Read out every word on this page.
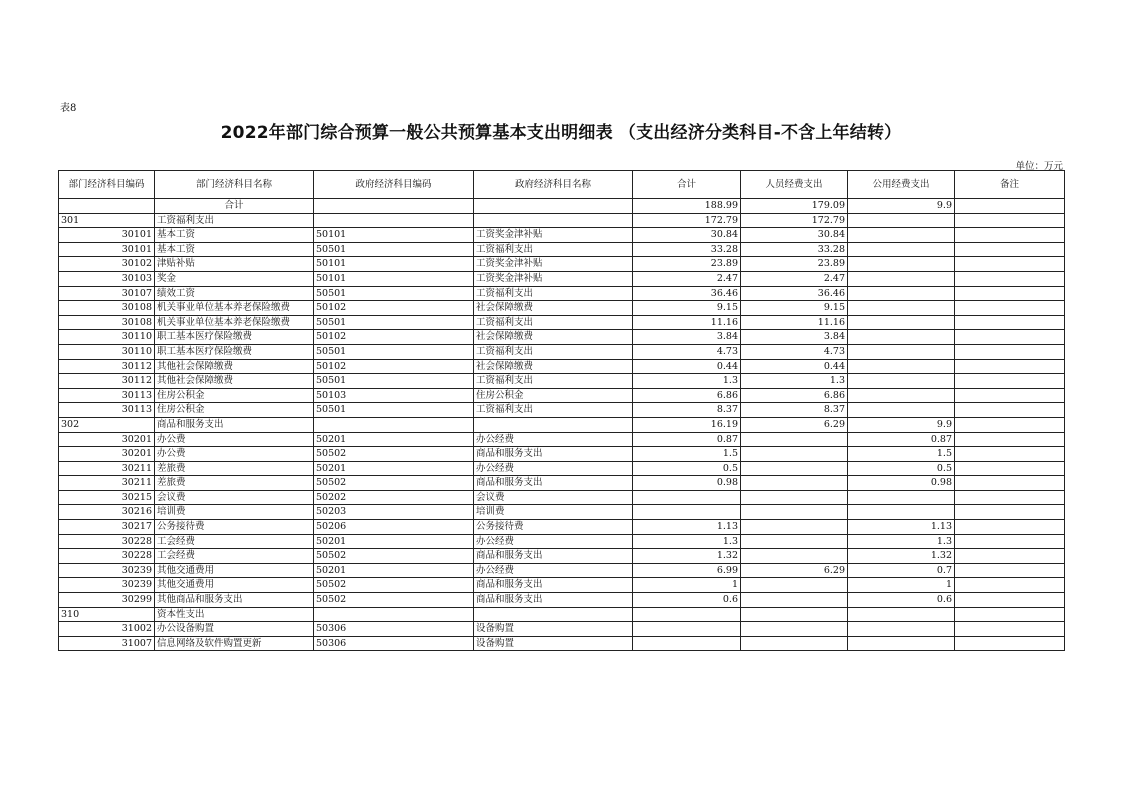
表8
2022年部门综合预算一般公共预算基本支出明细表 （支出经济分类科目-不含上年结转）
单位：万元
部门经济科目编码	部门经济科目名称	政府经济科目编码	政府经济科目名称	合计	人员经费支出	公用经费支出	备注
	合计			188.99	179.09	9.9	
301	工资福利支出			172.79	172.79		
30101	基本工资	50101	工资奖金津补贴	30.84	30.84		
30101	基本工资	50501	工资福利支出	33.28	33.28		
30102	津贴补贴	50101	工资奖金津补贴	23.89	23.89		
30103	奖金	50101	工资奖金津补贴	2.47	2.47		
30107	绩效工资	50501	工资福利支出	36.46	36.46		
30108	机关事业单位基本养老保险缴费	50102	社会保障缴费	9.15	9.15		
30108	机关事业单位基本养老保险缴费	50501	工资福利支出	11.16	11.16		
30110	职工基本医疗保险缴费	50102	社会保障缴费	3.84	3.84		
30110	职工基本医疗保险缴费	50501	工资福利支出	4.73	4.73		
30112	其他社会保障缴费	50102	社会保障缴费	0.44	0.44		
30112	其他社会保障缴费	50501	工资福利支出	1.3	1.3		
30113	住房公积金	50103	住房公积金	6.86	6.86		
30113	住房公积金	50501	工资福利支出	8.37	8.37		
302	商品和服务支出			16.19	6.29	9.9	
30201	办公费	50201	办公经费	0.87		0.87	
30201	办公费	50502	商品和服务支出	1.5		1.5	
30211	差旅费	50201	办公经费	0.5		0.5	
30211	差旅费	50502	商品和服务支出	0.98		0.98	
30215	会议费	50202	会议费				
30216	培训费	50203	培训费				
30217	公务接待费	50206	公务接待费	1.13		1.13	
30228	工会经费	50201	办公经费	1.3		1.3	
30228	工会经费	50502	商品和服务支出	1.32		1.32	
30239	其他交通费用	50201	办公经费	6.99	6.29	0.7	
30239	其他交通费用	50502	商品和服务支出	1		1	
30299	其他商品和服务支出	50502	商品和服务支出	0.6		0.6	
310	资本性支出						
31002	办公设备购置	50306	设备购置				
31007	信息网络及软件购置更新	50306	设备购置				
